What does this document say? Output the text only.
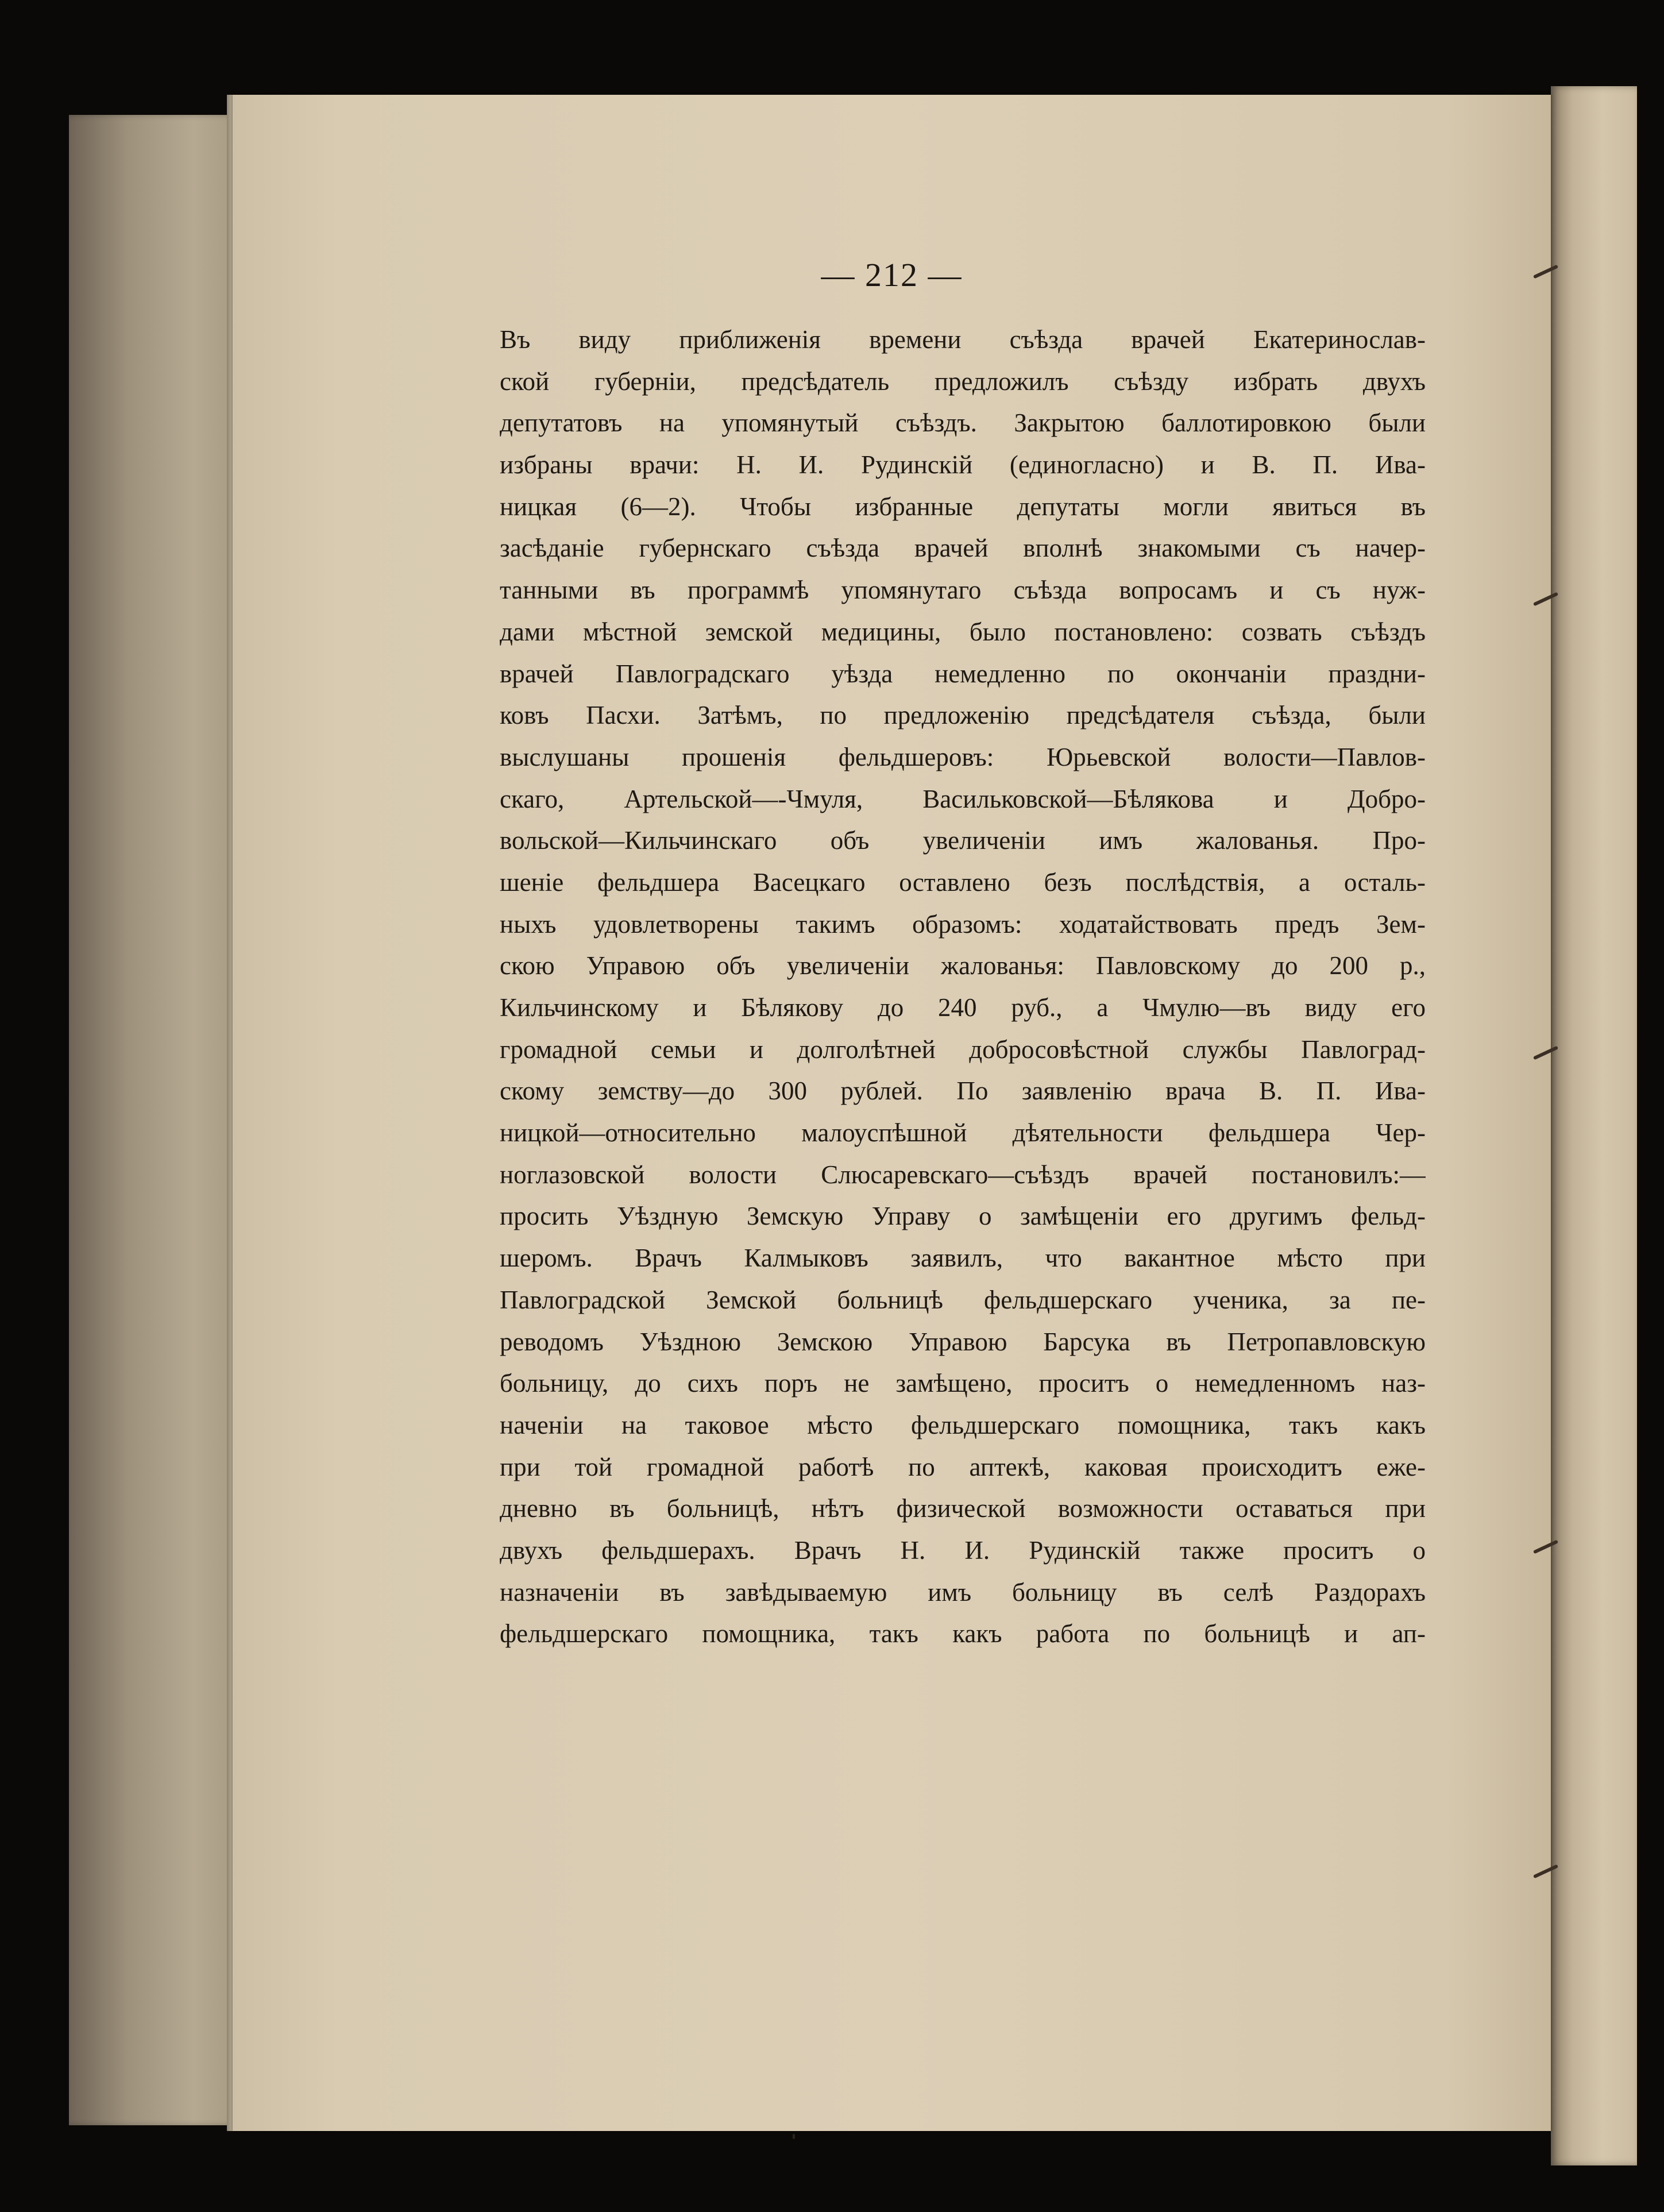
— 212 —
Въ виду приближенія времени съѣзда врачей Екатеринослав-
ской губерніи, предсѣдатель предложилъ съѣзду избрать двухъ
депутатовъ на упомянутый съѣздъ. Закрытою баллотировкою были
избраны врачи: Н. И. Рудинскій (единогласно) и В. П. Ива-
ницкая (6—2). Чтобы избранные депутаты могли явиться въ
засѣданіе губернскаго съѣзда врачей вполнѣ знакомыми съ начер-
танными въ программѣ упомянутаго съѣзда вопросамъ и съ нуж-
дами мѣстной земской медицины, было постановлено: созвать съѣздъ
врачей Павлоградскаго уѣзда немедленно по окончаніи праздни-
ковъ Пасхи. Затѣмъ, по предложенію предсѣдателя съѣзда, были
выслушаны прошенія фельдшеровъ: Юрьевской волости—Павлов-
скаго, Артельской—-Чмуля, Васильковской—Бѣлякова и Добро-
вольской—Кильчинскаго объ увеличеніи имъ жалованья. Про-
шеніе фельдшера Васецкаго оставлено безъ послѣдствія, а осталь-
ныхъ удовлетворены такимъ образомъ: ходатайствовать предъ Зем-
скою Управою объ увеличеніи жалованья: Павловскому до 200 р.,
Кильчинскому и Бѣлякову до 240 руб., а Чмулю—въ виду его
громадной семьи и долголѣтней добросовѣстной службы Павлоград-
скому земству—до 300 рублей. По заявленію врача В. П. Ива-
ницкой—относительно малоуспѣшной дѣятельности фельдшера Чер-
ноглазовской волости Слюсаревскаго—съѣздъ врачей постановилъ:—
просить Уѣздную Земскую Управу о замѣщеніи его другимъ фельд-
шеромъ. Врачъ Калмыковъ заявилъ, что вакантное мѣсто при
Павлоградской Земской больницѣ фельдшерскаго ученика, за пе-
реводомъ Уѣздною Земскою Управою Барсука въ Петропавловскую
больницу, до сихъ поръ не замѣщено, проситъ о немедленномъ наз-
наченіи на таковое мѣсто фельдшерскаго помощника, такъ какъ
при той громадной работѣ по аптекѣ, каковая происходитъ еже-
дневно въ больницѣ, нѣтъ физической возможности оставаться при
двухъ фельдшерахъ. Врачъ Н. И. Рудинскій также проситъ о
назначеніи въ завѣдываемую имъ больницу въ селѣ Раздорахъ
фельдшерскаго помощника, такъ какъ работа по больницѣ и ап-
